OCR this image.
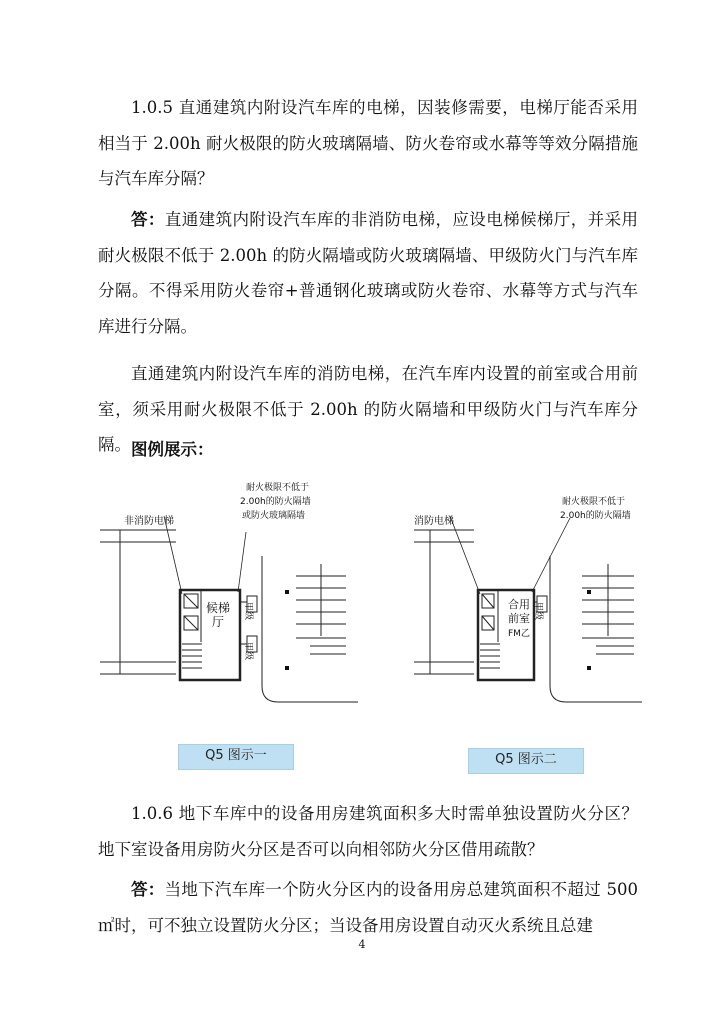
1.0.5 直通建筑内附设汽车库的电梯，因装修需要，电梯厅能否采用相当于 2.00h 耐火极限的防火玻璃隔墙、防火卷帘或水幕等等效分隔措施与汽车库分隔？

答：直通建筑内附设汽车库的非消防电梯，应设电梯候梯厅，并采用耐火极限不低于 2.00h 的防火隔墙或防火玻璃隔墙、甲级防火门与汽车库分隔。不得采用防火卷帘+普通钢化玻璃或防火卷帘、水幕等方式与汽车库进行分隔。

直通建筑内附设汽车库的消防电梯，在汽车库内设置的前室或合用前室，须采用耐火极限不低于 2.00h 的防火隔墙和甲级防火门与汽车库分隔。 图例展示：

非消防电梯
耐火极限不低于
2.00h的防火隔墙
或防火玻璃隔墙
候梯
厅
甲级
甲级
Q5 图示一
消防电梯
耐火极限不低于
2.00h的防火隔墙
合用
前室
FM乙
甲级
Q5 图示二

1.0.6 地下车库中的设备用房建筑面积多大时需单独设置防火分区？地下室设备用房防火分区是否可以向相邻防火分区借用疏散？

答：当地下汽车库一个防火分区内的设备用房总建筑面积不超过 500㎡时，可不独立设置防火分区；当设备用房设置自动灭火系统且总建

4
